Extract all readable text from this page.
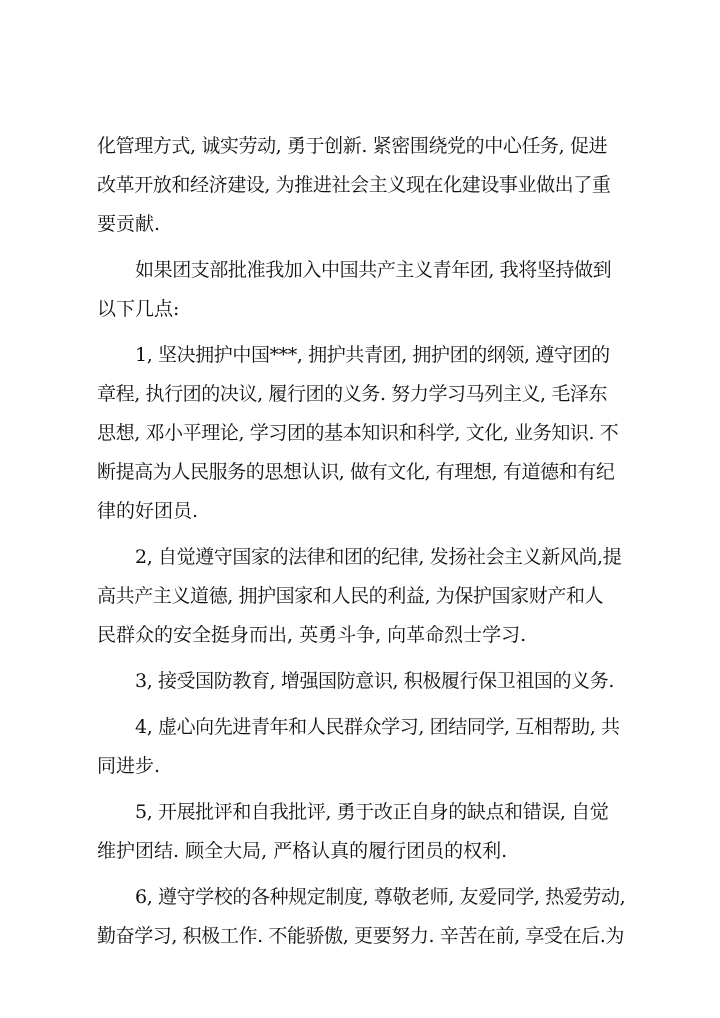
化管理方式, 诚实劳动, 勇于创新. 紧密围绕党的中心任务, 促进
改革开放和经济建设, 为推进社会主义现在化建设事业做出了重
要贡献.
如果团支部批准我加入中国共产主义青年团, 我将坚持做到
以下几点:
1, 坚决拥护中国***, 拥护共青团, 拥护团的纲领, 遵守团的
章程, 执行团的决议, 履行团的义务. 努力学习马列主义, 毛泽东
思想, 邓小平理论, 学习团的基本知识和科学, 文化, 业务知识. 不
断提高为人民服务的思想认识, 做有文化, 有理想, 有道德和有纪
律的好团员.
2, 自觉遵守国家的法律和团的纪律, 发扬社会主义新风尚,提
高共产主义道德, 拥护国家和人民的利益, 为保护国家财产和人
民群众的安全挺身而出, 英勇斗争, 向革命烈士学习.
3, 接受国防教育, 增强国防意识, 积极履行保卫祖国的义务.
4, 虚心向先进青年和人民群众学习, 团结同学, 互相帮助, 共
同进步.
5, 开展批评和自我批评, 勇于改正自身的缺点和错误, 自觉
维护团结. 顾全大局, 严格认真的履行团员的权利.
6, 遵守学校的各种规定制度, 尊敬老师, 友爱同学, 热爱劳动,
勤奋学习, 积极工作. 不能骄傲, 更要努力. 辛苦在前, 享受在后.为
